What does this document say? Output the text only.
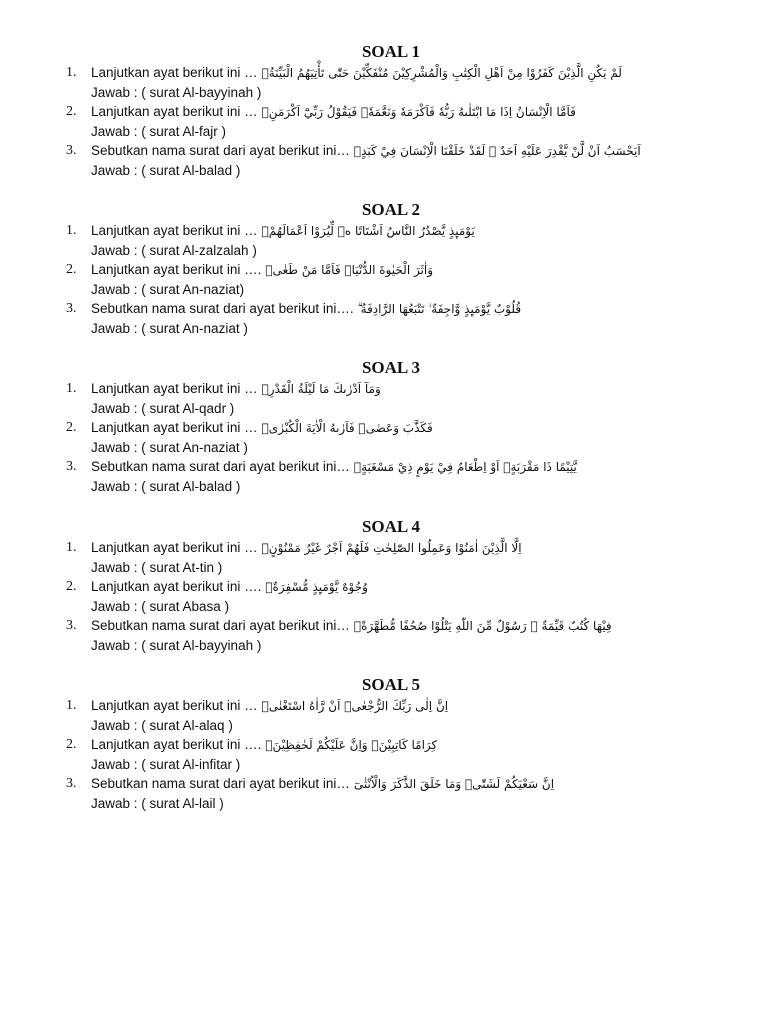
SOAL 1
1. Lanjutkan ayat berikut ini … لَمْ يَكُنِ الَّذِيْنَ كَفَرُوْا مِنْ اَهْلِ الْكِتٰبِ وَالْمُشْرِكِيْنَ مُنْفَكِّيْنَ حَتّٰى تَأْتِيَهُمُ الْبَيِّنَةُۙ
Jawab : ( surat Al-bayyinah )
2. Lanjutkan ayat berikut ini … فَاَمَّا الْاِنْسَانُ اِذَا مَا ابْتَلٰىهُ رَبُّهٗ فَاَكْرَمَهٗ وَنَعَّمَهٗۙ فَيَقُوْلُ رَبِّيْٓ اَكْرَمَنِۗ
Jawab : ( surat Al-fajr )
3. Sebutkan nama surat dari ayat berikut ini… اَيَحْسَبُ اَنْ لَّنْ يَّقْدِرَ عَلَيْهِ اَحَدٌ ۘ لَقَدْ خَلَقْنَا الْاِنْسَانَ فِيْ كَبَدٍۗ
Jawab : ( surat Al-balad )
SOAL 2
1. Lanjutkan ayat berikut ini … يَوْمَىِٕذٍ يَّصْدُرُ النَّاسُ اَشْتَاتًا ەۙ لِّيُرَوْا اَعْمَالَهُمْۗ
Jawab : ( surat Al-zalzalah )
2. Lanjutkan ayat berikut ini …. وَاٰثَرَ الْحَيٰوةَ الدُّنْيَاۙ فَاَمَّا مَنْ طَغٰىۙ
Jawab : ( surat An-naziat)
3. Sebutkan nama surat dari ayat berikut ini…. قُلُوْبٌ يَّوْمَىِٕذٍ وَّاجِفَةٌ ۙ تَتْبَعُهَا الرَّادِفَةُ ۗ
Jawab : ( surat An-naziat )
SOAL 3
1. Lanjutkan ayat berikut ini … وَمَآ اَدْرٰىكَ مَا لَيْلَةُ الْقَدْرِۗ
Jawab : ( surat Al-qadr )
2. Lanjutkan ayat berikut ini … فَكَذَّبَ وَعَصٰىۖ فَاَرٰىهُ الْاٰيَةَ الْكُبْرٰىۖ
Jawab : ( surat An-naziat )
3. Sebutkan nama surat dari ayat berikut ini… يَّتِيْمًا ذَا مَقْرَبَةٍۙ اَوْ اِطْعَامٌ فِيْ يَوْمٍ ذِيْ مَسْغَبَةٍۙ
Jawab : ( surat Al-balad )
SOAL 4
1. Lanjutkan ayat berikut ini … اِلَّا الَّذِيْنَ اٰمَنُوْا وَعَمِلُوا الصّٰلِحٰتِ فَلَهُمْ اَجْرٌ غَيْرُ مَمْنُوْنٍۗ
Jawab : ( surat At-tin )
2. Lanjutkan ayat berikut ini …. وُجُوْهٌ يَّوْمَىِٕذٍ مُّسْفِرَةٌۙ
Jawab : ( surat Abasa )
3. Sebutkan nama surat dari ayat berikut ini… فِيْهَا كُتُبٌ قَيِّمَةٌ ۗ رَسُوْلٌ مِّنَ اللّٰهِ يَتْلُوْا صُحُفًا مُّطَهَّرَةًۙ
Jawab : ( surat Al-bayyinah )
SOAL 5
1. Lanjutkan ayat berikut ini … اِنَّ اِلٰى رَبِّكَ الرُّجْعٰىۗ اَنْ رَّاٰهُ اسْتَغْنٰىۗ
Jawab : ( surat Al-alaq )
2. Lanjutkan ayat berikut ini …. كِرَامًا كَاتِبِيْنَۙ وَاِنَّ عَلَيْكُمْ لَحٰفِظِيْنَۙ
Jawab : ( surat Al-infitar )
3. Sebutkan nama surat dari ayat berikut ini… اِنَّ سَعْيَكُمْ لَشَتّٰىۗ وَمَا خَلَقَ الذَّكَرَ وَالْاُنْثٰىٓ
Jawab : ( surat Al-lail )
